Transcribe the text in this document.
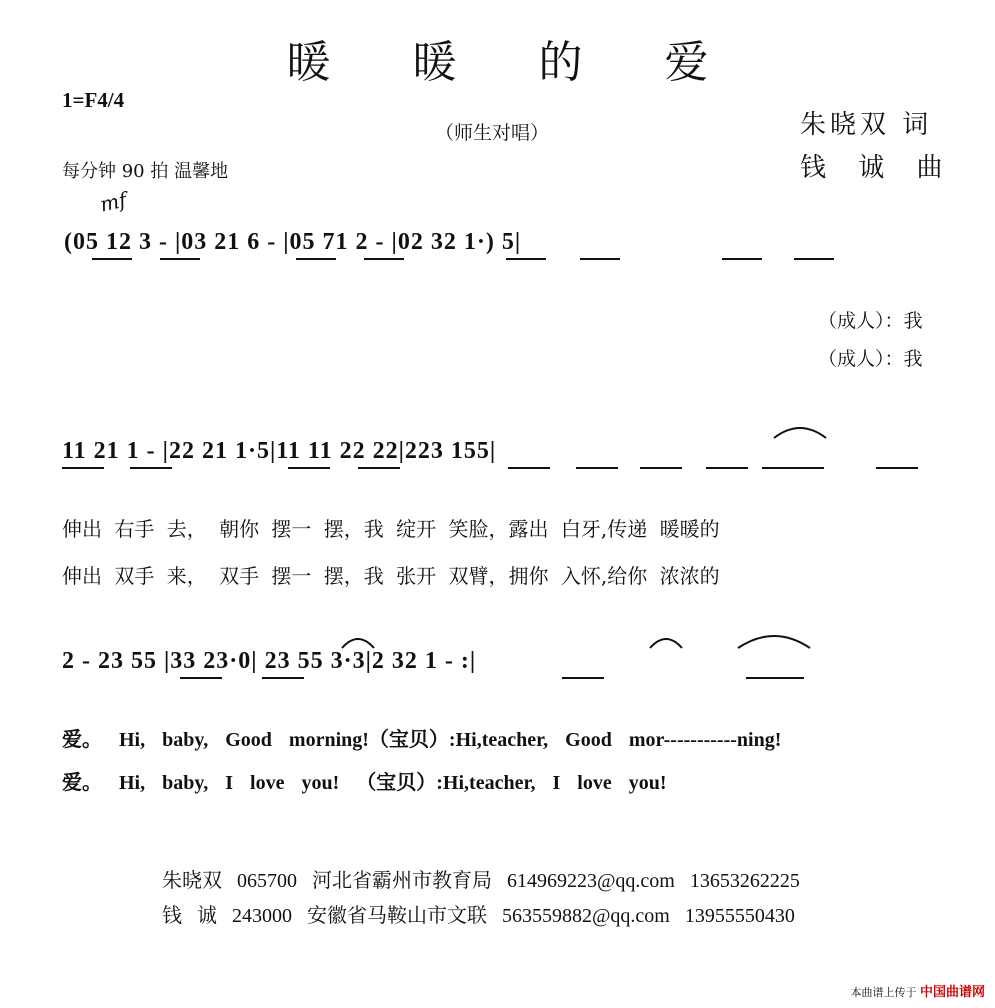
暖 暖 的 爱
1=F4/4
（师生对唱）	朱晓双 词
钱 诚 曲
每分钟 90 拍 温馨地
mf
(05 12 3 - |03 21 6 - |05 71 2 - |02 32 1·) 5|
（成人）：我
（成人）：我
11 21 1 - |22 21 1·5|11 11 22 22|223 155|
伸出 右手 去， 朝你 摆一 摆，我 绽开 笑脸，露出 白牙,传递 暖暖的
伸出 双手 来， 双手 摆一 摆，我 张开 双臂，拥你 入怀,给你 浓浓的
2 - 23 55 |33 23·0| 23 55 3·3|2 32 1 - :|
爱。 Hi, baby, Good morning!（宝贝）:Hi,teacher, Good mor-----------ning!
爱。 Hi, baby, I love you! （宝贝）:Hi,teacher, I love you!
朱晓双 065700 河北省霸州市教育局 614969223@qq.com 13653262225
钱 诚 243000 安徽省马鞍山市文联 563559882@qq.com 13955550430
本曲谱上传于 中国曲谱网
